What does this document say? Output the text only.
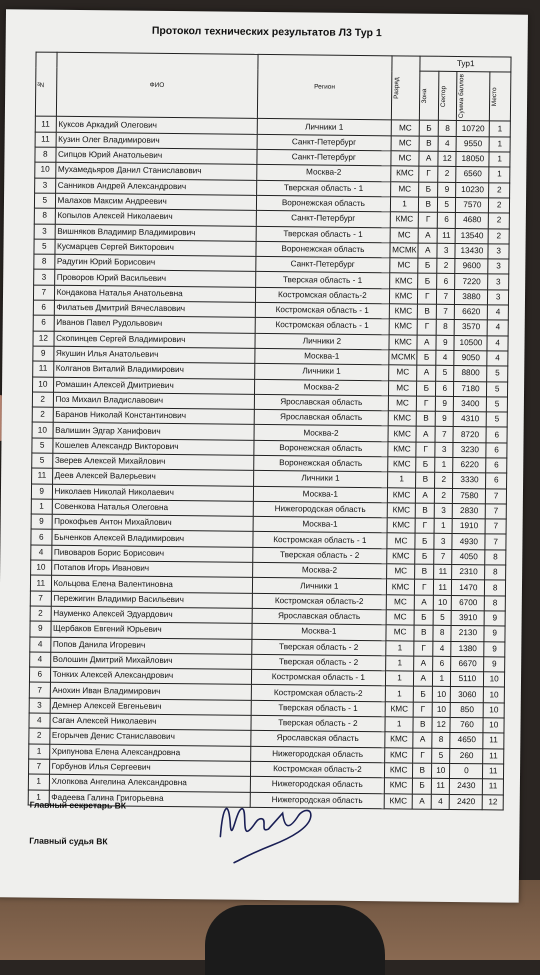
Протокол технических результатов Л3 Тур 1
№	ФИО	Регион	Разряд	Тур1			

				Зона	Сектор	Сумма баллов	Место

11	Куксов Аркадий Олегович	Личники 1	МС	Б	8	10720	1
11	Кузин Олег Владимирович	Санкт-Петербург	МС	В	4	9550	1
8	Сипцов Юрий Анатольевич	Санкт-Петербург	МС	А	12	18050	1
10	Мухамедьяров Данил Станиславович	Москва-2	КМС	Г	2	6560	1
3	Санников Андрей Александрович	Тверская область - 1	МС	Б	9	10230	2
5	Малахов Максим Андреевич	Воронежская область	1	В	5	7570	2
8	Копылов Алексей Николаевич	Санкт-Петербург	КМС	Г	6	4680	2
3	Вишняков Владимир Владимирович	Тверская область - 1	МС	А	11	13540	2
5	Кусмарцев Сергей Викторович	Воронежская область	МСМК	А	3	13430	3
8	Радугин Юрий Борисович	Санкт-Петербург	МС	Б	2	9600	3
3	Проворов Юрий Васильевич	Тверская область - 1	КМС	Б	6	7220	3
7	Кондакова Наталья Анатольевна	Костромская область-2	КМС	Г	7	3880	3
6	Филатьев Дмитрий Вячеславович	Костромская область - 1	КМС	В	7	6620	4
6	Иванов Павел Рудольвович	Костромская область - 1	КМС	Г	8	3570	4
12	Скопинцев Сергей Владимирович	Личники 2	КМС	А	9	10500	4
9	Якушин Илья Анатольевич	Москва-1	МСМК	Б	4	9050	4
11	Колганов Виталий Владимирович	Личники 1	МС	А	5	8800	5
10	Ромашин Алексей Дмитриевич	Москва-2	МС	Б	6	7180	5
2	Поз Михаил Владиславович	Ярославская область	МС	Г	9	3400	5
2	Баранов Николай Константинович	Ярославская область	КМС	В	9	4310	5
10	Валишин Эдгар Ханифович	Москва-2	КМС	А	7	8720	6
5	Кошелев Александр Викторович	Воронежская область	КМС	Г	3	3230	6
5	Зверев Алексей Михайлович	Воронежская область	КМС	Б	1	6220	6
11	Деев Алексей Валерьевич	Личники 1	1	В	2	3330	6
9	Николаев Николай Николаевич	Москва-1	КМС	А	2	7580	7
1	Совенкова Наталья Олеговна	Нижегородская область	КМС	В	3	2830	7
9	Прокофьев Антон Михайлович	Москва-1	КМС	Г	1	1910	7
6	Быченков Алексей Владимирович	Костромская область - 1	МС	Б	3	4930	7
4	Пивоваров Борис Борисович	Тверская область - 2	КМС	Б	7	4050	8
10	Потапов Игорь Иванович	Москва-2	МС	В	11	2310	8
11	Кольцова Елена Валентиновна	Личники 1	КМС	Г	11	1470	8
7	Пережигин Владимир Васильевич	Костромская область-2	МС	А	10	6700	8
2	Науменко Алексей Эдуардович	Ярославская область	МС	Б	5	3910	9
9	Щербаков Евгений Юрьевич	Москва-1	МС	В	8	2130	9
4	Попов Данила Игоревич	Тверская область - 2	1	Г	4	1380	9
4	Волошин Дмитрий Михайлович	Тверская область - 2	1	А	6	6670	9
6	Тонких Алексей Александрович	Костромская область - 1	1	А	1	5110	10
7	Анохин Иван Владимирович	Костромская область-2	1	Б	10	3060	10
3	Демнер Алексей Евгеньевич	Тверская область - 1	КМС	Г	10	850	10
4	Саган Алексей Николаевич	Тверская область - 2	1	В	12	760	10
2	Егорычев Денис Станиславович	Ярославская область	КМС	А	8	4650	11
1	Хрипунова Елена Александровна	Нижегородская область	КМС	Г	5	260	11
7	Горбунов Илья Сергеевич	Костромская область-2	КМС	В	10	0	11
1	Хлопкова Ангелина Александровна	Нижегородская область	КМС	Б	11	2430	11
1	Фадеева Галина Григорьевна	Нижегородская область	КМС	А	4	2420	12
Главный секретарь ВК
Главный судья ВК
